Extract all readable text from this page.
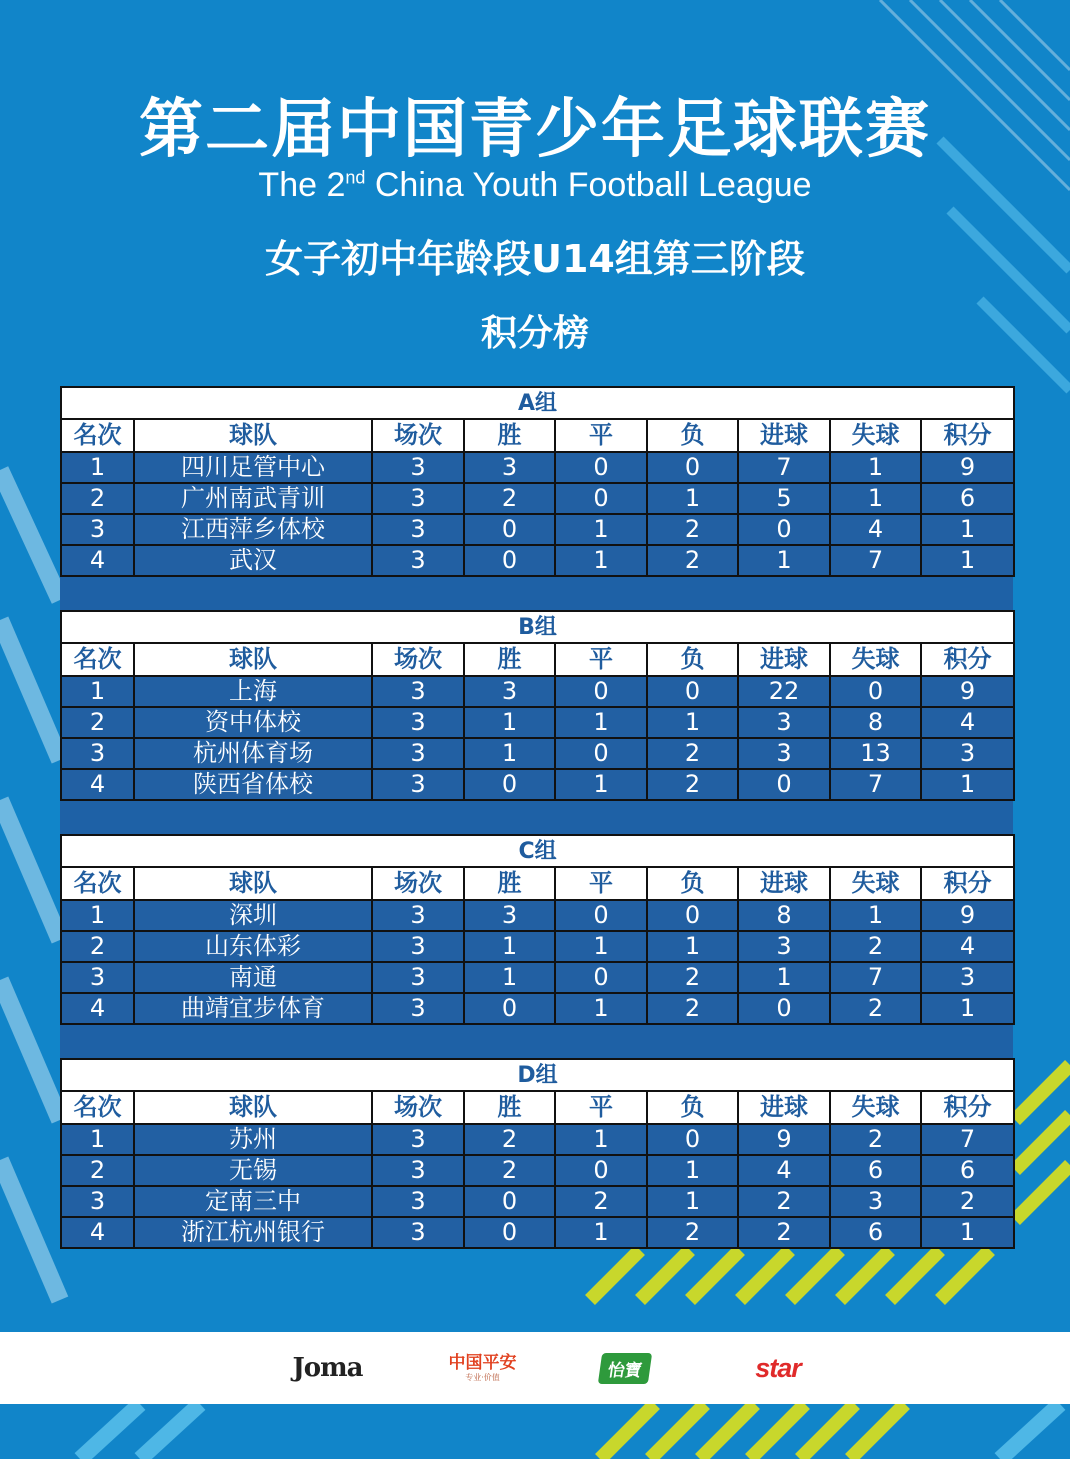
第二届中国青少年足球联赛
The 2nd China Youth Football League
女子初中年龄段U14组第三阶段
积分榜
A组								
名次	球队	场次	胜	平	负	进球	失球	积分
1	四川足管中心	3	3	0	0	7	1	9
2	广州南武青训	3	2	0	1	5	1	6
3	江西萍乡体校	3	0	1	2	0	4	1
4	武汉	3	0	1	2	1	7	1
B组								
名次	球队	场次	胜	平	负	进球	失球	积分
1	上海	3	3	0	0	22	0	9
2	资中体校	3	1	1	1	3	8	4
3	杭州体育场	3	1	0	2	3	13	3
4	陕西省体校	3	0	1	2	0	7	1
C组								
名次	球队	场次	胜	平	负	进球	失球	积分
1	深圳	3	3	0	0	8	1	9
2	山东体彩	3	1	1	1	3	2	4
3	南通	3	1	0	2	1	7	3
4	曲靖宜步体育	3	0	1	2	0	2	1
D组								
名次	球队	场次	胜	平	负	进球	失球	积分
1	苏州	3	2	1	0	9	2	7
2	无锡	3	2	0	1	4	6	6
3	定南三中	3	0	2	1	2	3	2
4	浙江杭州银行	3	0	1	2	2	6	1
Joma	中国平安
专业·价值	怡寶	star
